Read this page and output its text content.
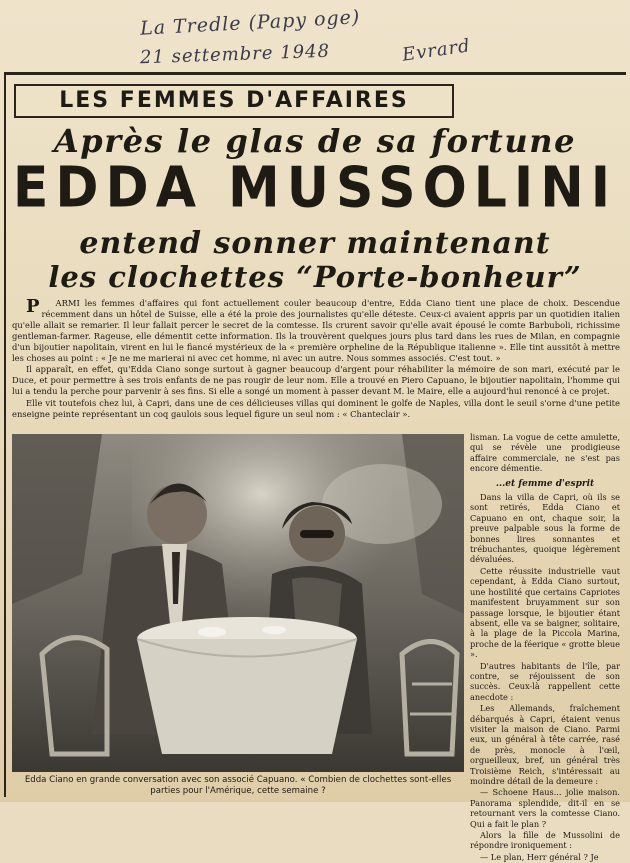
La Tredle (Papy oge)
21 settembre 1948	Evrard
LES FEMMES D'AFFAIRES
Après le glas de sa fortune
EDDA MUSSOLINI
entend sonner maintenant
les clochettes “Porte-bonheur”

P ARMI les femmes d'affaires qui font actuellement couler beaucoup d'entre, Edda Ciano tient une place de choix. Descendue récemment dans un hôtel de Suisse, elle a été la proie des journalistes qu'elle déteste. Ceux-ci avaient appris par un quotidien italien qu'elle allait se remarier. Il leur fallait percer le secret de la comtesse. Ils crurent savoir qu'elle avait épousé le comte Barbuboli, richissime gentleman-farmer. Rageuse, elle démentit cette information. Ils la trouvèrent quelques jours plus tard dans les rues de Milan, en compagnie d'un bijoutier napolitain, virent en lui le fiancé mystérieux de la « première orpheline de la République italienne ». Elle tint aussitôt à mettre les choses au point : « Je ne me marierai ni avec cet homme, ni avec un autre. Nous sommes associés. C'est tout. »

Il apparaît, en effet, qu'Edda Ciano songe surtout à gagner beaucoup d'argent pour réhabiliter la mémoire de son mari, exécuté par le Duce, et pour permettre à ses trois enfants de ne pas rougir de leur nom. Elle a trouvé en Piero Capuano, le bijoutier napolitain, l'homme qui lui a tendu la perche pour parvenir à ses fins. Si elle a songé un moment à passer devant M. le Maire, elle a aujourd'hui renoncé à ce projet.

Elle vit toutefois chez lui, à Capri, dans une de ces délicieuses villas qui dominent le golfe de Naples, villa dont le seuil s'orne d'une petite enseigne peinte représentant un coq gaulois sous lequel figure un seul nom : « Chanteclair ».

Edda Ciano en grande conversation avec son associé Capuano. « Combien de clochettes sont-elles parties pour l'Amérique, cette semaine ?

lisman. La vogue de cette amulette, qui se révèle une prodigieuse affaire commerciale, ne s'est pas encore démentie.

...et femme d'esprit

Dans la villa de Capri, où ils se sont retirés, Edda Ciano et Capuano en ont, chaque soir, la preuve palpable sous la forme de bonnes lires sonnantes et trébuchantes, quoique légèrement dévaluées.

Cette réussite industrielle vaut cependant, à Edda Ciano surtout, une hostilité que certains Capriotes manifestent bruyamment sur son passage lorsque, le bijoutier étant absent, elle va se baigner, solitaire, à la plage de la Piccola Marina, proche de la féerique « grotte bleue ».

D'autres habitants de l'île, par contre, se réjouissent de son succès. Ceux-là rappellent cette anecdote :

Les Allemands, fraîchement débarqués à Capri, étaient venus visiter la maison de Ciano. Parmi eux, un général à tête carrée, rasé de près, monocle à l'œil, orgueilleux, bref, un général très Troisième Reich, s'intéressait au moindre détail de la demeure :

— Schoene Haus... jolie maison. Panorama splendide, dit-il en se retournant vers la comtesse Ciano. Qui a fait le plan ?

Alors la fille de Mussolini de répondre ironiquement :

— Le plan, Herr général ? Je
